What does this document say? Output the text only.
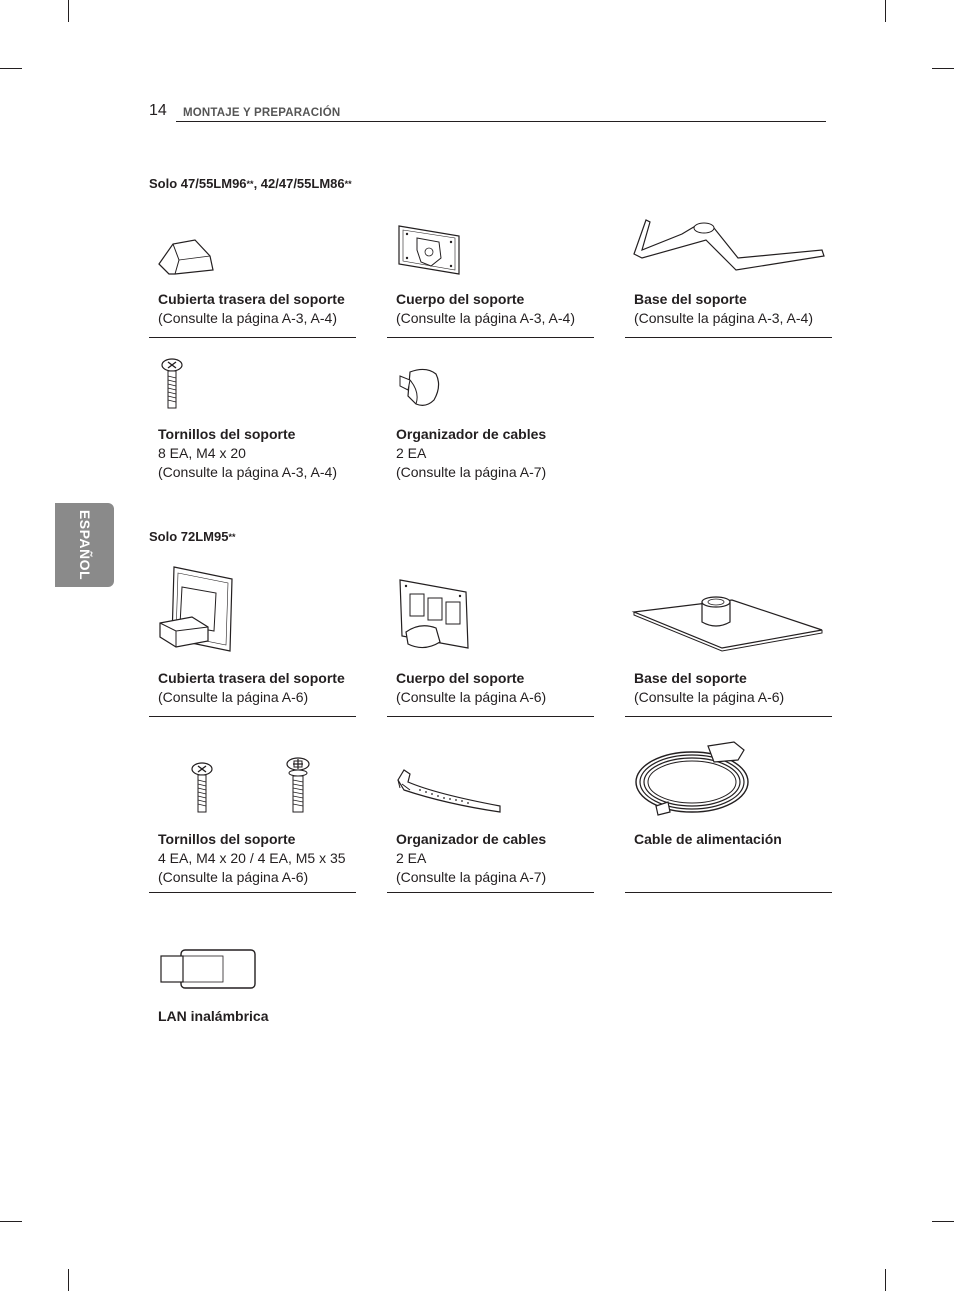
14 MONTAJE Y PREPARACIÓN
ESPAÑOL
Solo 47/55LM96**, 42/47/55LM86**
Cubierta trasera del soporte
(Consulte la página A-3, A-4)
Cuerpo del soporte
(Consulte la página A-3, A-4)
Base del soporte
(Consulte la página A-3, A-4)
Tornillos del soporte
8 EA, M4 x 20
(Consulte la página A-3, A-4)
Organizador de cables
2 EA
(Consulte la página A-7)
Solo 72LM95**
Cubierta trasera del soporte
(Consulte la página A-6)
Cuerpo del soporte
(Consulte la página A-6)
Base del soporte
(Consulte la página A-6)
Tornillos del soporte
4 EA, M4 x 20 / 4 EA, M5 x 35
(Consulte la página A-6)
Organizador de cables
2 EA
(Consulte la página A-7)
Cable de alimentación
LAN inalámbrica
